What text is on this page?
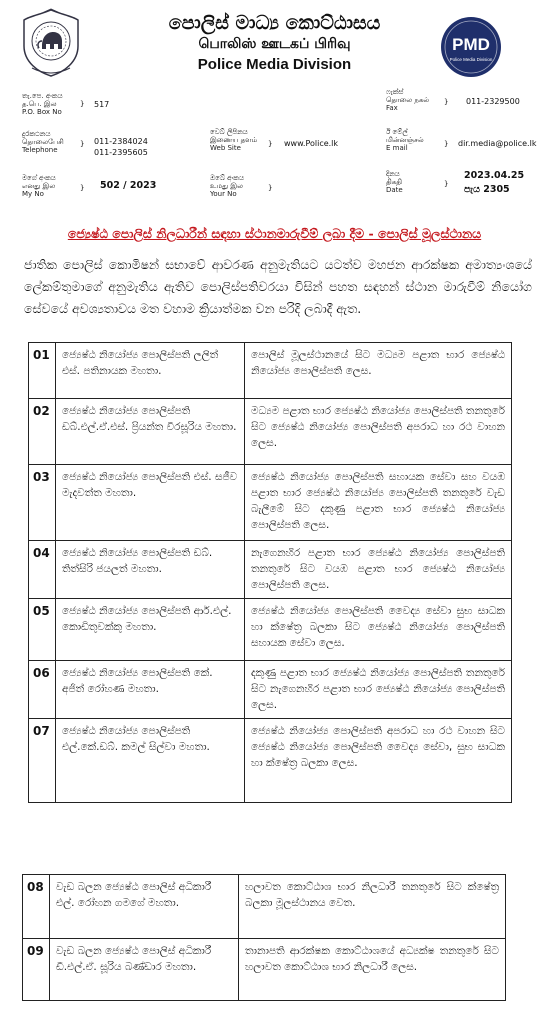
පොලිස් මාධ්‍ය කොට්ඨාසය
பொலிஸ் ஊடகப் பிரிவு
Police Media Division
PMD
Police Media Division
තැ.පෙ. අංකය
த.பெ. இல
P.O. Box No
} 517
දුරකථනය
தொலைபேசி
Telephone
} 011-2384024
011-2395605
මගේ අංකය
எனது இல
My No
} 502 / 2023
වෙබ් ලිපිනය
இணைய தளம்
Web Site	} www.Police.lk
ඔබේ අංකය
உமது இல
Your No
}
ෆැක්ස්
தொலை நகல்
Fax
} 011-2329500
ඊ මේල්
மின்னஞ்சல்
E mail	} dir.media@police.lk
දිනය
திகதி
Date
}
2023.04.25
පැය 2305
ජ්‍යෙෂ්ඨ පොලිස් නිලධාරීන් සඳහා ස්ථානමාරුවීම් ලබා දීම - පොලිස් මූලස්ථානය
ජාතික පොලිස් කොමිෂන් සභාවේ ආවරණ අනුමැතියට යටත්ව මහජන ආරක්ෂක අමාත්‍යංශයේ ලේකම්තුමාගේ අනුමැතිය ඇතිව පොලිස්පතිවරයා විසින් පහත සඳහන් ස්ථාන මාරුවීම් නියෝග සේවයේ අවශ්‍යතාවය මත වහාම ක්‍රියාත්මක වන පරිදි ලබාදී ඇත.
01	ජ්‍යෙෂ්ඨ නියෝජ්‍ය පොලිස්පති ලලිත් එස්. පතිනායක මහතා.	පොලිස් මූලස්ථානයේ සිට මධ්‍යම පළාත භාර ජ්‍යෙෂ්ඨ නියෝජ්‍ය පොලිස්පති ලෙස.
02	ජ්‍යෙෂ්ඨ නියෝජ්‍ය පොලිස්පති ඩබ්.එල්.ඒ.එස්. ප්‍රියන්ත වීරසූරිය මහතා.	මධ්‍යම පළාත භාර ජ්‍යෙෂ්ඨ නියෝජ්‍ය පොලිස්පති තනතුරේ සිට ජ්‍යෙෂ්ඨ නියෝජ්‍ය පොලිස්පති අපරාධ හා රථ වාහන ලෙස.
03	ජ්‍යෙෂ්ඨ නියෝජ්‍ය පොලිස්පති එස්. සජීව මැදවත්ත මහතා.	ජ්‍යෙෂ්ඨ නියෝජ්‍ය පොලිස්පති සහායක සේවා සහ වයඹ පළාත භාර ජ්‍යෙෂ්ඨ නියෝජ්‍ය පොලිස්පති තනතුරේ වැඩ බැලීමේ සිට දකුණු පළාත භාර ජ්‍යෙෂ්ඨ නියෝජ්‍ය පොලිස්පති ලෙස.
04	ජ්‍යෙෂ්ඨ නියෝජ්‍ය පොලිස්පති ඩබ්. තිත්සිරි ජයලත් මහතා.	නැගෙනහිර පළාත භාර ජ්‍යෙෂ්ඨ නියෝජ්‍ය පොලිස්පති තනතුරේ සිට වයඹ පළාත භාර ජ්‍යෙෂ්ඨ නියෝජ්‍ය පොලිස්පති ලෙස.
05	ජ්‍යෙෂ්ඨ නියෝජ්‍ය පොලිස්පති ආර්.එල්. කොඩිතුවක්කු මහතා.	ජ්‍යෙෂ්ඨ නියෝජ්‍ය පොලිස්පති වෛද්‍ය සේවා සුභ සාධක හා ක්ෂේත්‍ර බලකා සිට ජ්‍යෙෂ්ඨ නියෝජ්‍ය පොලිස්පති සහායක සේවා ලෙස.
06	ජ්‍යෙෂ්ඨ නියෝජ්‍ය පොලිස්පති කේ. අජිත් රෝහණ මහතා.	දකුණු පළාත භාර ජ්‍යෙෂ්ඨ නියෝජ්‍ය පොලිස්පති තනතුරේ සිට නැගෙනහිර පළාත භාර ජ්‍යෙෂ්ඨ නියෝජ්‍ය පොලිස්පති ලෙස.
07	ජ්‍යෙෂ්ඨ නියෝජ්‍ය පොලිස්පති එල්.කේ.ඩබ්. කමල් සිල්වා මහතා.	ජ්‍යෙෂ්ඨ නියෝජ්‍ය පොලිස්පති අපරාධ හා රථ වාහන සිට ජ්‍යෙෂ්ඨ නියෝජ්‍ය පොලිස්පති වෛද්‍ය සේවා, සුභ සාධක හා ක්ෂේත්‍ර බලකා ලෙස.
08	වැඩ බලන ජ්‍යෙෂ්ඨ පොලිස් අධිකාරී එල්. රෝහන ගමගේ මහතා.	හලාවත කොට්ඨාශ භාර නිලධාරී තනතුරේ සිට ක්ෂේත්‍ර බලකා මූලස්ථානය වෙත.
09	වැඩ බලන ජ්‍යෙෂ්ඨ පොලිස් අධිකාරී ඩී.එල්.ඒ. සූරිය බණ්ඩාර මහතා.	තානාපති ආරක්ෂක කොට්ඨාශයේ අධ්‍යක්ෂ තනතුරේ සිට හලාවත කොට්ඨාශ භාර නිලධාරී ලෙස.
